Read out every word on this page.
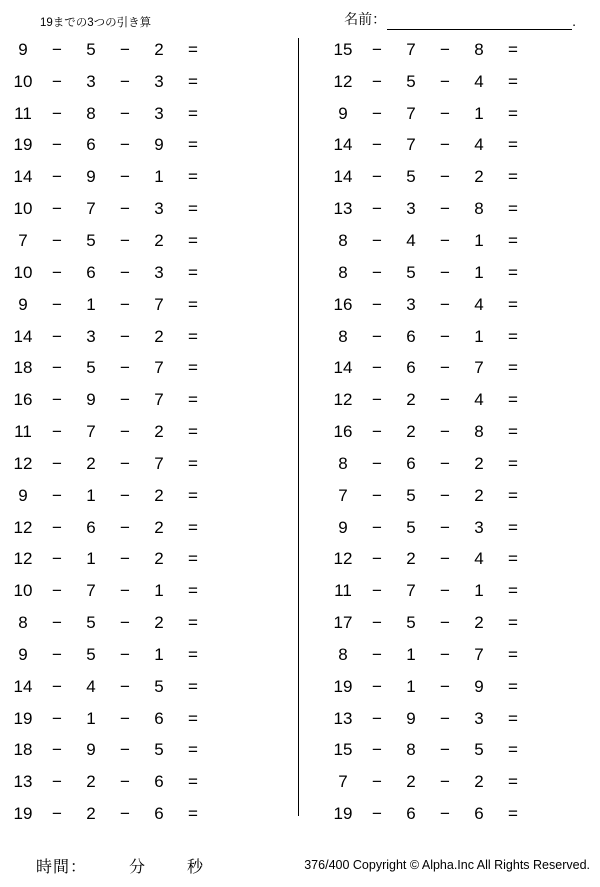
19までの3つの引き算	名前：	.
9	−	5	−	2	=
10	−	3	−	3	=
11	−	8	−	3	=
19	−	6	−	9	=
14	−	9	−	1	=
10	−	7	−	3	=
7	−	5	−	2	=
10	−	6	−	3	=
9	−	1	−	7	=
14	−	3	−	2	=
18	−	5	−	7	=
16	−	9	−	7	=
11	−	7	−	2	=
12	−	2	−	7	=
9	−	1	−	2	=
12	−	6	−	2	=
12	−	1	−	2	=
10	−	7	−	1	=
8	−	5	−	2	=
9	−	5	−	1	=
14	−	4	−	5	=
19	−	1	−	6	=
18	−	9	−	5	=
13	−	2	−	6	=
19	−	2	−	6	=
15	−	7	−	8	=
12	−	5	−	4	=
9	−	7	−	1	=
14	−	7	−	4	=
14	−	5	−	2	=
13	−	3	−	8	=
8	−	4	−	1	=
8	−	5	−	1	=
16	−	3	−	4	=
8	−	6	−	1	=
14	−	6	−	7	=
12	−	2	−	4	=
16	−	2	−	8	=
8	−	6	−	2	=
7	−	5	−	2	=
9	−	5	−	3	=
12	−	2	−	4	=
11	−	7	−	1	=
17	−	5	−	2	=
8	−	1	−	7	=
19	−	1	−	9	=
13	−	9	−	3	=
15	−	8	−	5	=
7	−	2	−	2	=
19	−	6	−	6	=
時間：	分	秒	376/400 Copyright © Alpha.Inc All Rights Reserved.
